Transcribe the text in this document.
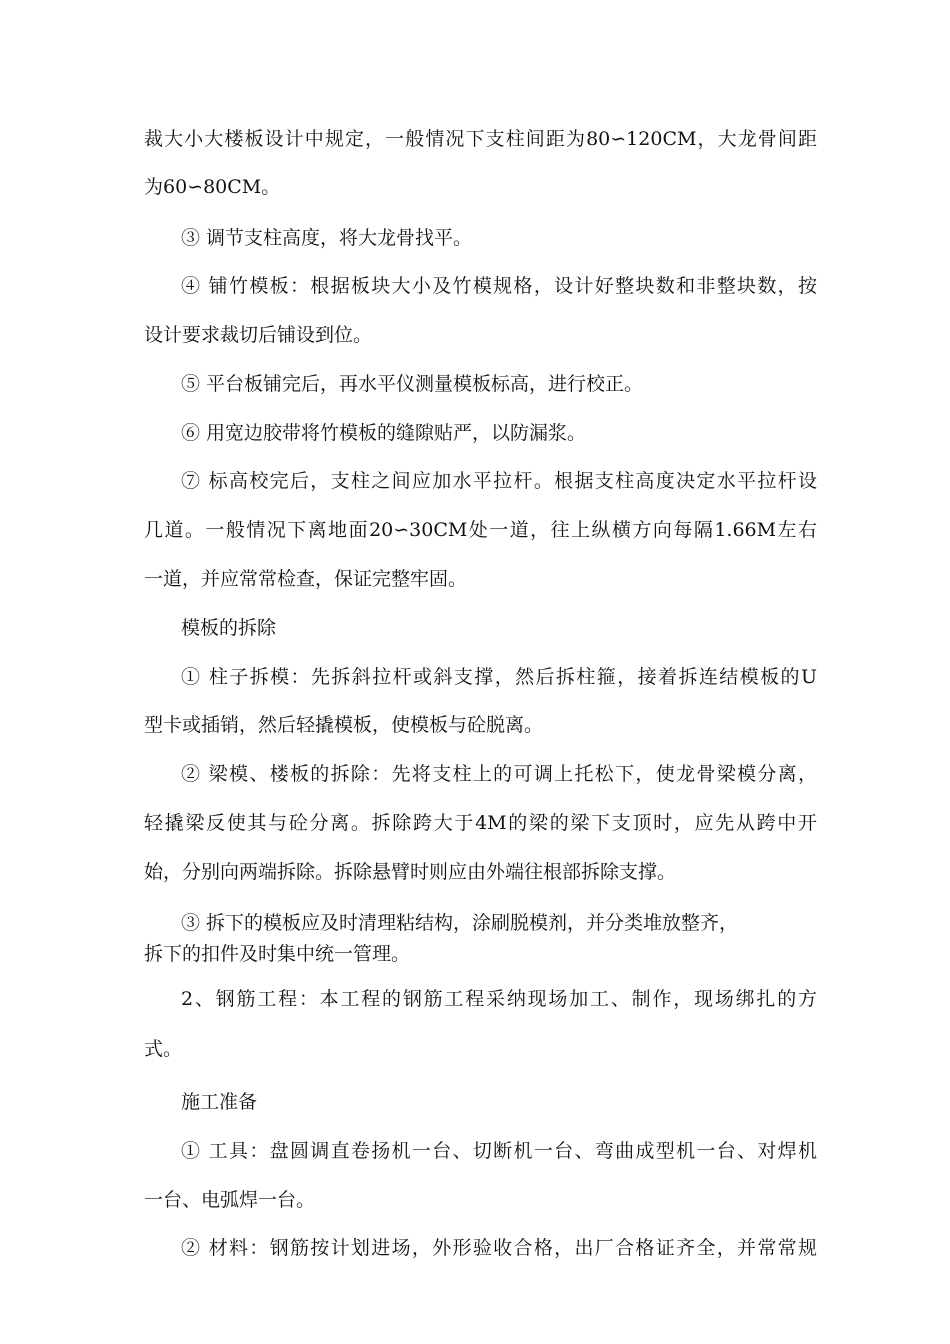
裁大小大楼板设计中规定，一般情况下支柱间距为80∽120CM，大龙骨间距
为60∽80CM。
③ 调节支柱高度，将大龙骨找平。
④ 铺竹模板：根据板块大小及竹模规格，设计好整块数和非整块数，按
设计要求裁切后铺设到位。
⑤ 平台板铺完后，再水平仪测量模板标高，进行校正。
⑥ 用宽边胶带将竹模板的缝隙贴严，以防漏浆。
⑦ 标高校完后，支柱之间应加水平拉杆。根据支柱高度决定水平拉杆设
几道。一般情况下离地面20∽30CM处一道，往上纵横方向每隔1.66M左右
一道，并应常常检查，保证完整牢固。
模板的拆除
① 柱子拆模：先拆斜拉杆或斜支撑，然后拆柱箍，接着拆连结模板的U
型卡或插销，然后轻撬模板，使模板与砼脱离。
② 梁模、楼板的拆除：先将支柱上的可调上托松下，使龙骨梁模分离，
轻撬梁反使其与砼分离。拆除跨大于4M的梁的梁下支顶时，应先从跨中开
始，分别向两端拆除。拆除悬臂时则应由外端往根部拆除支撑。
③ 拆下的模板应及时清理粘结构，涂刷脱模剂，并分类堆放整齐，
拆下的扣件及时集中统一管理。
2、钢筋工程：本工程的钢筋工程采纳现场加工、制作，现场绑扎的方
式。
施工准备
① 工具：盘圆调直卷扬机一台、切断机一台、弯曲成型机一台、对焊机
一台、电弧焊一台。
② 材料：钢筋按计划进场，外形验收合格，出厂合格证齐全，并常常规
